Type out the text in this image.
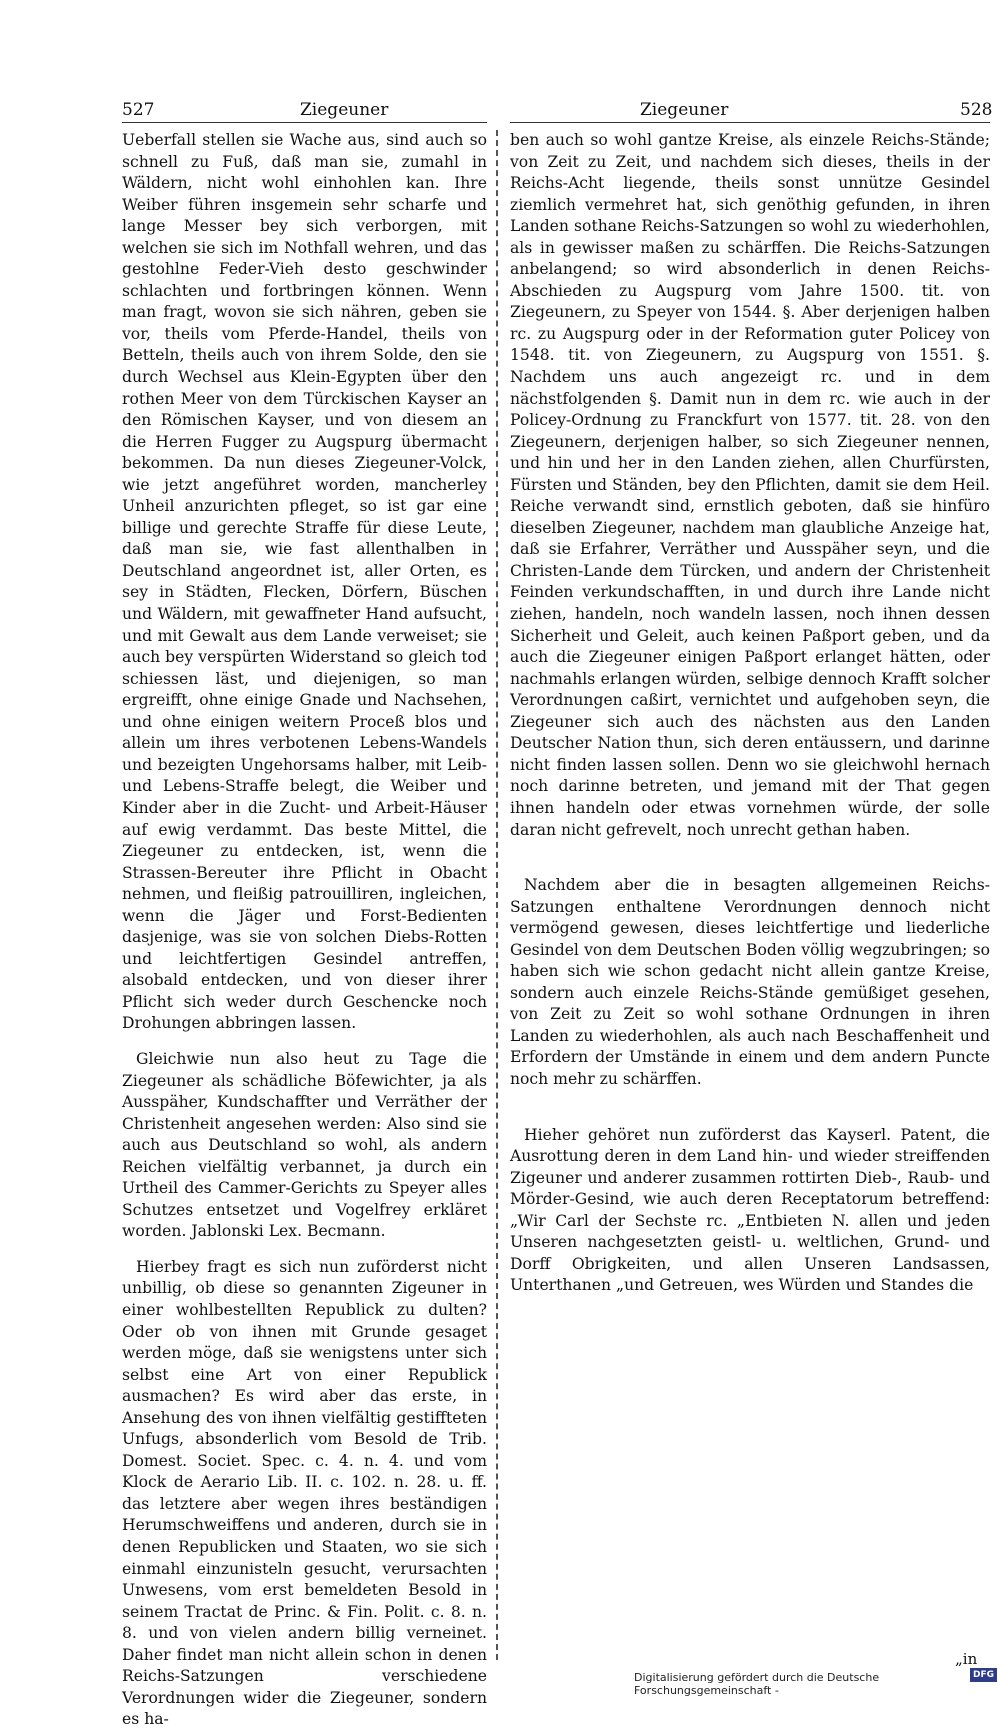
527	Ziegeuner	Ziegeuner	528

Ueberfall stellen sie Wache aus, sind auch so schnell zu Fuß, daß man sie, zumahl in Wäldern, nicht wohl einhohlen kan. Ihre Weiber führen insgemein sehr scharfe und lange Messer bey sich verborgen, mit welchen sie sich im Nothfall wehren, und das gestohlne Feder-Vieh desto geschwinder schlachten und fortbringen können. Wenn man fragt, wovon sie sich nähren, geben sie vor, theils vom Pferde-Handel, theils von Betteln, theils auch von ihrem Solde, den sie durch Wechsel aus Klein-Egypten über den rothen Meer von dem Türckischen Kayser an den Römischen Kayser, und von diesem an die Herren Fugger zu Augspurg übermacht bekommen. Da nun dieses Ziegeuner-Volck, wie jetzt angeführet worden, mancherley Unheil anzurichten pfleget, so ist gar eine billige und gerechte Straffe für diese Leute, daß man sie, wie fast allenthalben in Deutschland angeordnet ist, aller Orten, es sey in Städten, Flecken, Dörfern, Büschen und Wäldern, mit gewaffneter Hand aufsucht, und mit Gewalt aus dem Lande verweiset; sie auch bey verspürten Widerstand so gleich tod schiessen läst, und diejenigen, so man ergreifft, ohne einige Gnade und Nachsehen, und ohne einigen weitern Proceß blos und allein um ihres verbotenen Lebens-Wandels und bezeigten Ungehorsams halber, mit Leib- und Lebens-Straffe belegt, die Weiber und Kinder aber in die Zucht- und Arbeit-Häuser auf ewig verdammt. Das beste Mittel, die Ziegeuner zu entdecken, ist, wenn die Strassen-Bereuter ihre Pflicht in Obacht nehmen, und fleißig patrouilliren, ingleichen, wenn die Jäger und Forst-Bedienten dasjenige, was sie von solchen Diebs-Rotten und leichtfertigen Gesindel antreffen, alsobald entdecken, und von dieser ihrer Pflicht sich weder durch Geschencke noch Drohungen abbringen lassen.

Gleichwie nun also heut zu Tage die Ziegeuner als schädliche Böfewichter, ja als Ausspäher, Kundschaffter und Verräther der Christenheit angesehen werden: Also sind sie auch aus Deutschland so wohl, als andern Reichen vielfältig verbannet, ja durch ein Urtheil des Cammer-Gerichts zu Speyer alles Schutzes entsetzet und Vogelfrey erkläret worden. Jablonski Lex. Becmann.

Hierbey fragt es sich nun zuförderst nicht unbillig, ob diese so genannten Zigeuner in einer wohlbestellten Republick zu dulten? Oder ob von ihnen mit Grunde gesaget werden möge, daß sie wenigstens unter sich selbst eine Art von einer Republick ausmachen? Es wird aber das erste, in Ansehung des von ihnen vielfältig gestiffteten Unfugs, absonderlich vom Besold de Trib. Domest. Societ. Spec. c. 4. n. 4. und vom Klock de Aerario Lib. II. c. 102. n. 28. u. ff. das letztere aber wegen ihres beständigen Herumschweiffens und anderen, durch sie in denen Republicken und Staaten, wo sie sich einmahl einzunisteln gesucht, verursachten Unwesens, vom erst bemeldeten Besold in seinem Tractat de Princ. & Fin. Polit. c. 8. n. 8. und von vielen andern billig verneinet. Daher findet man nicht allein schon in denen Reichs-Satzungen verschiedene Verordnungen wider die Ziegeuner, sondern es ha-

ben auch so wohl gantze Kreise, als einzele Reichs-Stände; von Zeit zu Zeit, und nachdem sich dieses, theils in der Reichs-Acht liegende, theils sonst unnütze Gesindel ziemlich vermehret hat, sich genöthig gefunden, in ihren Landen sothane Reichs-Satzungen so wohl zu wiederhohlen, als in gewisser maßen zu schärffen. Die Reichs-Satzungen anbelangend; so wird absonderlich in denen Reichs-Abschieden zu Augspurg vom Jahre 1500. tit. von Ziegeunern, zu Speyer von 1544. §. Aber derjenigen halben rc. zu Augspurg oder in der Reformation guter Policey von 1548. tit. von Ziegeunern, zu Augspurg von 1551. §. Nachdem uns auch angezeigt rc. und in dem nächstfolgenden §. Damit nun in dem rc. wie auch in der Policey-Ordnung zu Franckfurt von 1577. tit. 28. von den Ziegeunern, derjenigen halber, so sich Ziegeuner nennen, und hin und her in den Landen ziehen, allen Churfürsten, Fürsten und Ständen, bey den Pflichten, damit sie dem Heil. Reiche verwandt sind, ernstlich geboten, daß sie hinfüro dieselben Ziegeuner, nachdem man glaubliche Anzeige hat, daß sie Erfahrer, Verräther und Ausspäher seyn, und die Christen-Lande dem Türcken, und andern der Christenheit Feinden verkundschafften, in und durch ihre Lande nicht ziehen, handeln, noch wandeln lassen, noch ihnen dessen Sicherheit und Geleit, auch keinen Paßport geben, und da auch die Ziegeuner einigen Paßport erlanget hätten, oder nachmahls erlangen würden, selbige dennoch Krafft solcher Verordnungen caßirt, vernichtet und aufgehoben seyn, die Ziegeuner sich auch des nächsten aus den Landen Deutscher Nation thun, sich deren entäussern, und darinne nicht finden lassen sollen. Denn wo sie gleichwohl hernach noch darinne betreten, und jemand mit der That gegen ihnen handeln oder etwas vornehmen würde, der solle daran nicht gefrevelt, noch unrecht gethan haben.

Nachdem aber die in besagten allgemeinen Reichs-Satzungen enthaltene Verordnungen dennoch nicht vermögend gewesen, dieses leichtfertige und liederliche Gesindel von dem Deutschen Boden völlig wegzubringen; so haben sich wie schon gedacht nicht allein gantze Kreise, sondern auch einzele Reichs-Stände gemüßiget gesehen, von Zeit zu Zeit so wohl sothane Ordnungen in ihren Landen zu wiederhohlen, als auch nach Beschaffenheit und Erfordern der Umstände in einem und dem andern Puncte noch mehr zu schärffen.

Hieher gehöret nun zuförderst das Kayserl. Patent, die Ausrottung deren in dem Land hin- und wieder streiffenden Zigeuner und anderer zusammen rottirten Dieb-, Raub- und Mörder-Gesind, wie auch deren Receptatorum betreffend: „Wir Carl der Sechste rc. „Entbieten N. allen und jeden Unseren nachgesetzten geistl- u. weltlichen, Grund- und Dorff Obrigkeiten, und allen Unseren Landsassen, Unterthanen „und Getreuen, wes Würden und Standes die

„in
Digitalisierung gefördert durch die Deutsche Forschungsgemeinschaft -
DFG
